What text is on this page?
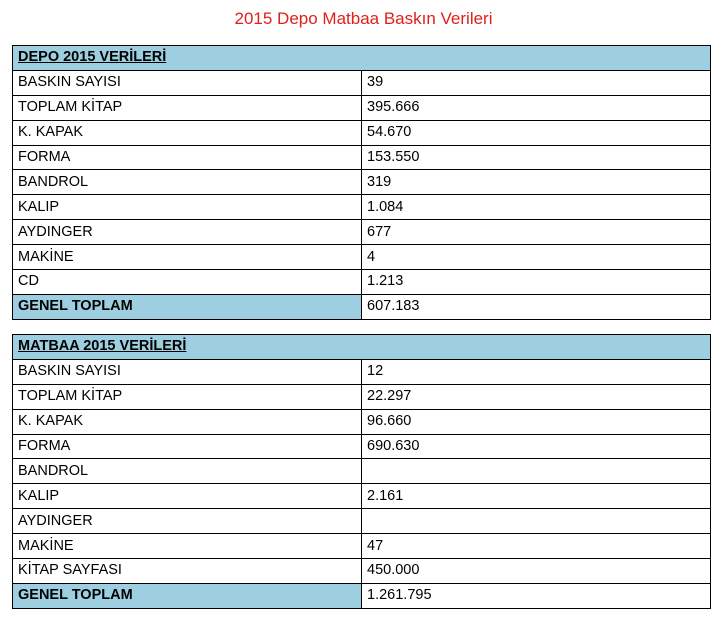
2015 Depo Matbaa Baskın Verileri
DEPO 2015 VERİLERİ	
BASKIN SAYISI	39
TOPLAM KİTAP	395.666
K. KAPAK	54.670
FORMA	153.550
BANDROL	319
KALIP	1.084
AYDINGER	677
MAKİNE	4
CD	1.213
GENEL TOPLAM	607.183
MATBAA 2015 VERİLERİ	
BASKIN SAYISI	12
TOPLAM KİTAP	22.297
K. KAPAK	96.660
FORMA	690.630
BANDROL	
KALIP	2.161
AYDINGER	
MAKİNE	47
KİTAP SAYFASI	450.000
GENEL TOPLAM	1.261.795
